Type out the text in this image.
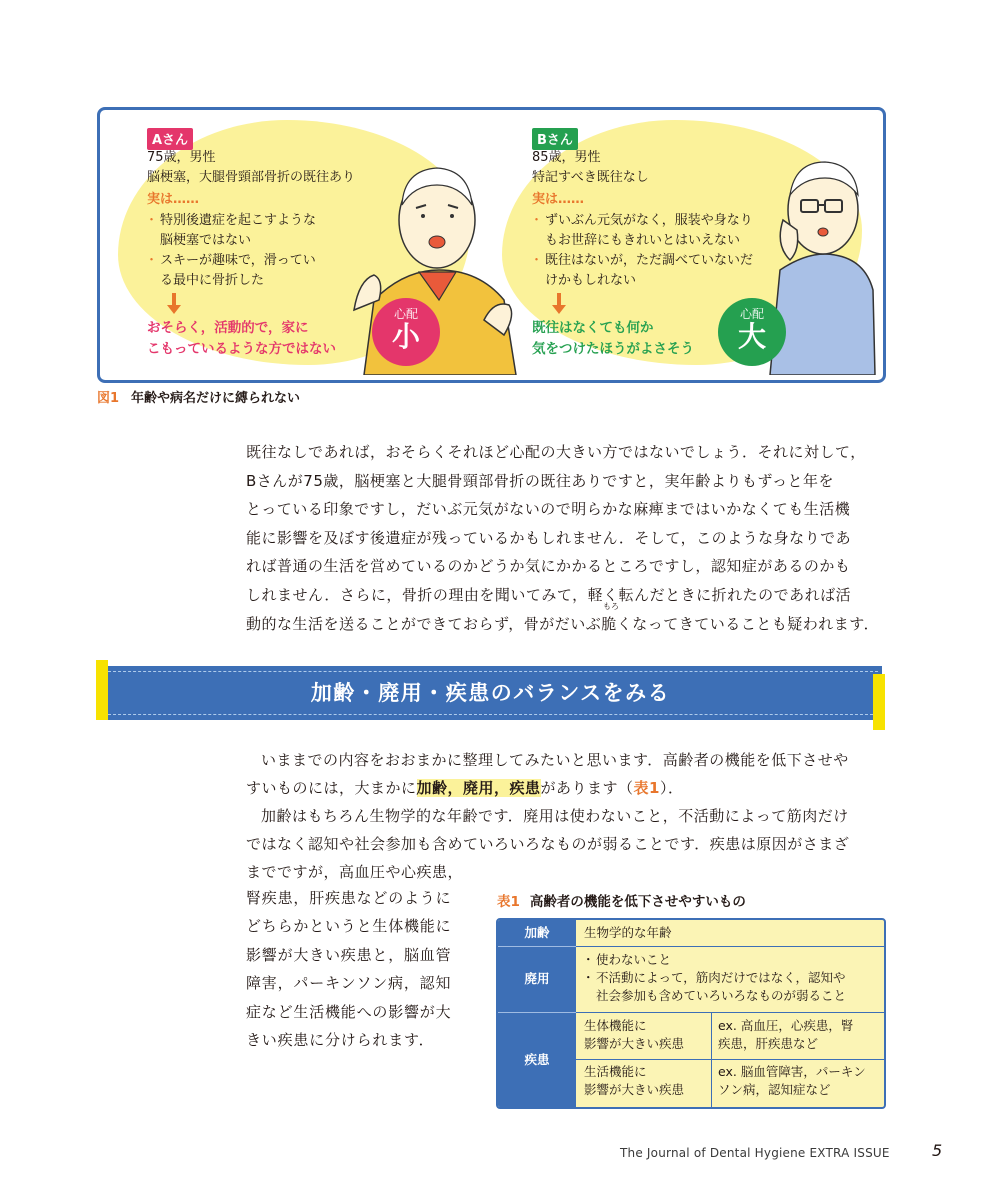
Aさん
75歳，男性
脳梗塞，大腿骨頸部骨折の既往あり
実は……
・ 特別後遺症を起こすような
脳梗塞ではない
・ スキーが趣味で，滑ってい
る最中に骨折した
おそらく，活動的で，家に
こもっているような方ではない
心配
小
Bさん
85歳，男性
特記すべき既往なし
実は……
・ ずいぶん元気がなく，服装や身なり
もお世辞にもきれいとはいえない
・ 既往はないが，ただ調べていないだ
けかもしれない
既往はなくても何か
気をつけたほうがよさそう
心配
大
図1 年齢や病名だけに縛られない

既往なしであれば，おそらくそれほど心配の大きい方ではないでしょう．それに対して，

Bさんが75歳，脳梗塞と大腿骨頸部骨折の既往ありですと，実年齢よりもずっと年を

とっている印象ですし，だいぶ元気がないので明らかな麻痺まではいかなくても生活機

能に影響を及ぼす後遺症が残っているかもしれません．そして，このような身なりであ

れば普通の生活を営めているのかどうか気にかかるところですし，認知症があるのかも

しれません．さらに，骨折の理由を聞いてみて，軽く転んだときに折れたのであれば活

動的な生活を送ることができておらず，骨がだいぶ脆くなってきていることも疑われます．

もろ
加齢・廃用・疾患のバランスをみる

いままでの内容をおおまかに整理してみたいと思います．高齢者の機能を低下させや

すいものには，大まかに加齢，廃用，疾患があります（表1）．

加齢はもちろん生物学的な年齢です．廃用は使わないこと，不活動によって筋肉だけ

ではなく認知や社会参加も含めていろいろなものが弱ることです．疾患は原因がさまざ

までですが，高血圧や心疾患，

腎疾患，肝疾患などのように
どちらかというと生体機能に
影響が大きい疾患と，脳血管
障害，パーキンソン病，認知
症など生活機能への影響が大
きい疾患に分けられます．
表1 高齢者の機能を低下させやすいもの
加齢
廃用
疾患
生物学的な年齢
・ 使わないこと
・ 不活動によって，筋肉だけではなく，認知や
社会参加も含めていろいろなものが弱ること
生体機能に
影響が大きい疾患
ex. 高血圧，心疾患，腎
疾患，肝疾患など
生活機能に
影響が大きい疾患
ex. 脳血管障害，パーキン
ソン病，認知症など
The Journal of Dental Hygiene EXTRA ISSUE	5
